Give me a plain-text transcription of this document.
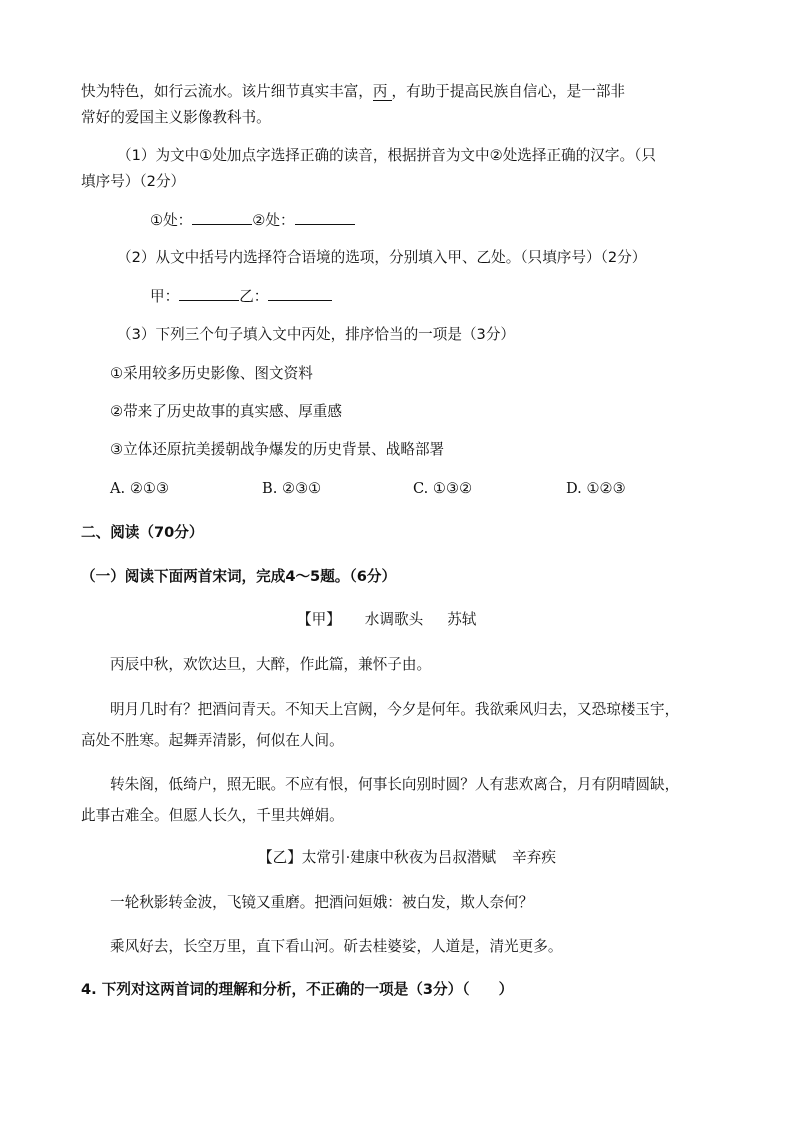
快为特色，如行云流水。该片细节真实丰富，丙 ，有助于提高民族自信心，是一部非

常好的爱国主义影像教科书。

（1）为文中①处加点字选择正确的读音，根据拼音为文中②处选择正确的汉字。（只

填序号）（2分）

①处：	②处：

（2）从文中括号内选择符合语境的选项，分别填入甲、乙处。（只填序号）（2分）

甲：	乙：

（3）下列三个句子填入文中丙处，排序恰当的一项是（3分）

①采用较多历史影像、图文资料

②带来了历史故事的真实感、厚重感

③立体还原抗美援朝战争爆发的历史背景、战略部署

A. ②①③	B. ②③①	C. ①③②	D. ①②③

二、阅读（70分）

（一）阅读下面两首宋词，完成4～5题。（6分）

【甲】 水调歌头 苏轼

丙辰中秋，欢饮达旦，大醉，作此篇，兼怀子由。

明月几时有？把酒问青天。不知天上宫阙，今夕是何年。我欲乘风归去，又恐琼楼玉宇，

高处不胜寒。起舞弄清影，何似在人间。

转朱阁，低绮户，照无眠。不应有恨，何事长向别时圆？人有悲欢离合，月有阴晴圆缺，

此事古难全。但愿人长久，千里共婵娟。

【乙】太常引·建康中秋夜为吕叔潜赋 辛弃疾

一轮秋影转金波，飞镜又重磨。把酒问姮娥：被白发，欺人奈何？

乘风好去，长空万里，直下看山河。斫去桂婆娑，人道是，清光更多。

4. 下列对这两首词的理解和分析，不正确的一项是（3分）（　　）
